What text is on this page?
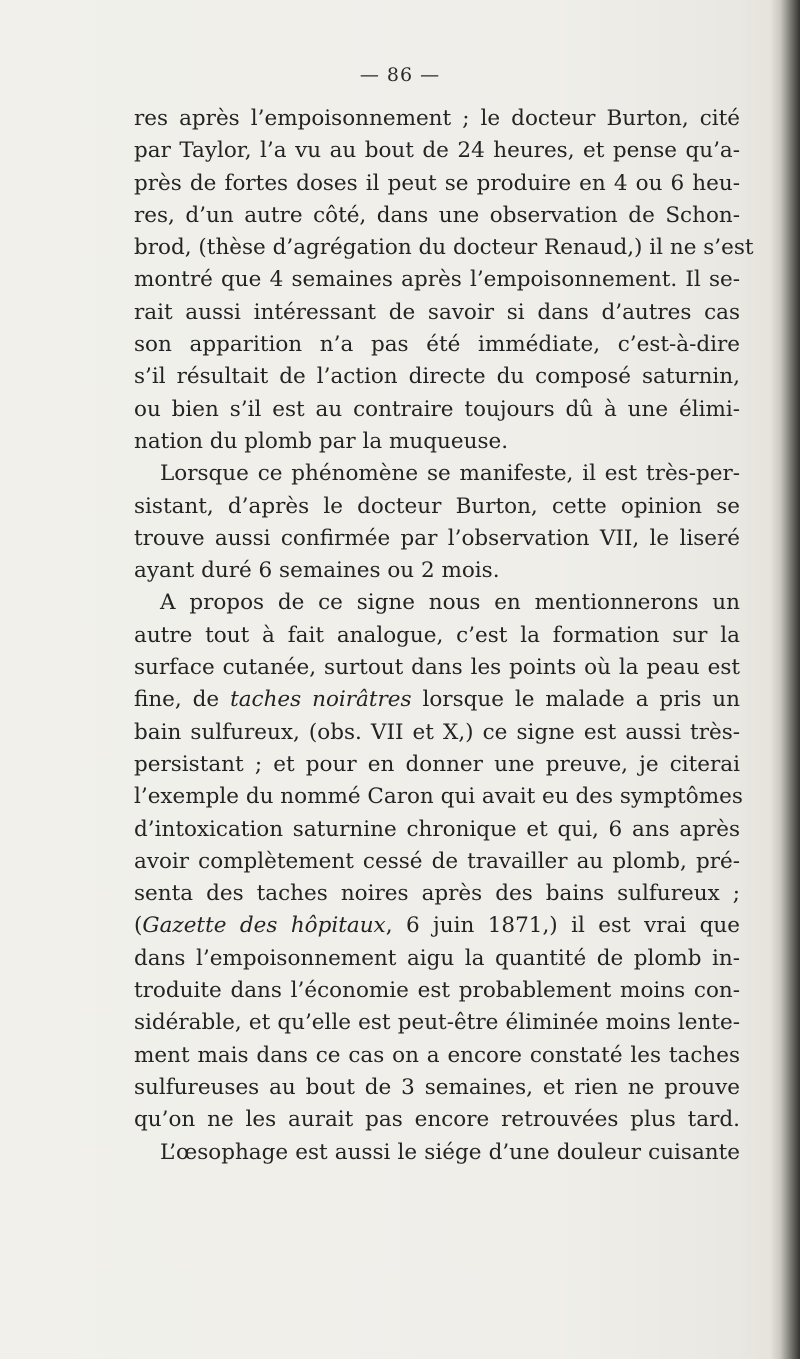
— 86 —
res après l’empoisonnement ; le docteur Burton, cité
par Taylor, l’a vu au bout de 24 heures, et pense qu’a-
près de fortes doses il peut se produire en 4 ou 6 heu-
res, d’un autre côté, dans une observation de Schon-
brod, (thèse d’agrégation du docteur Renaud,) il ne s’est
montré que 4 semaines après l’empoisonnement. Il se-
rait aussi intéressant de savoir si dans d’autres cas
son apparition n’a pas été immédiate, c’est-à-dire
s’il résultait de l’action directe du composé saturnin,
ou bien s’il est au contraire toujours dû à une élimi-
nation du plomb par la muqueuse.
Lorsque ce phénomène se manifeste, il est très-per-
sistant, d’après le docteur Burton, cette opinion se
trouve aussi confirmée par l’observation VII, le liseré
ayant duré 6 semaines ou 2 mois.
A propos de ce signe nous en mentionnerons un
autre tout à fait analogue, c’est la formation sur la
surface cutanée, surtout dans les points où la peau est
fine, de taches noirâtres lorsque le malade a pris un
bain sulfureux, (obs. VII et X,) ce signe est aussi très-
persistant ; et pour en donner une preuve, je citerai
l’exemple du nommé Caron qui avait eu des symptômes
d’intoxication saturnine chronique et qui, 6 ans après
avoir complètement cessé de travailler au plomb, pré-
senta des taches noires après des bains sulfureux ;
(Gazette des hôpitaux, 6 juin 1871,) il est vrai que
dans l’empoisonnement aigu la quantité de plomb in-
troduite dans l’économie est probablement moins con-
sidérable, et qu’elle est peut-être éliminée moins lente-
ment mais dans ce cas on a encore constaté les taches
sulfureuses au bout de 3 semaines, et rien ne prouve
qu’on ne les aurait pas encore retrouvées plus tard.
L’œsophage est aussi le siége d’une douleur cuisante
